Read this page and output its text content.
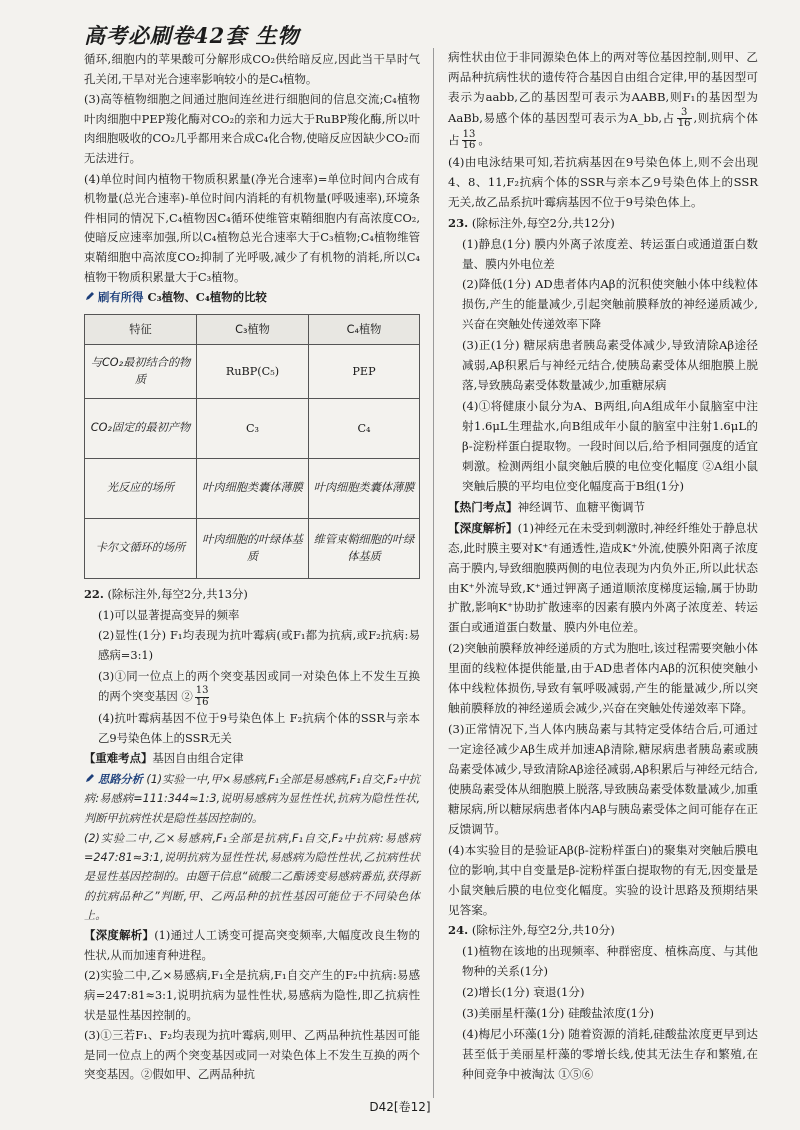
高考必刷卷42套 生物

循环,细胞内的苹果酸可分解形成CO₂供给暗反应,因此当干旱时气孔关闭,干旱对光合速率影响较小的是C₄植物。

(3)高等植物细胞之间通过胞间连丝进行细胞间的信息交流;C₄植物叶肉细胞中PEP羧化酶对CO₂的亲和力远大于RuBP羧化酶,所以叶肉细胞吸收的CO₂几乎都用来合成C₄化合物,使暗反应因缺少CO₂而无法进行。

(4)单位时间内植物干物质积累量(净光合速率)=单位时间内合成有机物量(总光合速率)-单位时间内消耗的有机物量(呼吸速率),环境条件相同的情况下,C₄植物因C₄循环使维管束鞘细胞内有高浓度CO₂,使暗反应速率加强,所以C₄植物总光合速率大于C₃植物;C₄植物维管束鞘细胞中高浓度CO₂抑制了光呼吸,减少了有机物的消耗,所以C₄植物干物质积累量大于C₃植物。

刷有所得 C₃植物、C₄植物的比较

特征	C₃植物	C₄植物
与CO₂最初结合的物质	RuBP(C₅)	PEP
CO₂固定的最初产物	C₃	C₄
光反应的场所	叶肉细胞类囊体薄膜	叶肉细胞类囊体薄膜
卡尔文循环的场所	叶肉细胞的叶绿体基质	维管束鞘细胞的叶绿体基质

22. (除标注外,每空2分,共13分)

(1)可以显著提高变异的频率

(2)显性(1分) F₁均表现为抗叶霉病(或F₁都为抗病,或F₂抗病:易感病=3:1)

(3)①同一位点上的两个突变基因或同一对染色体上不发生互换的两个突变基因 ② $\frac{13}{16}$

(4)抗叶霉病基因不位于9号染色体上 F₂抗病个体的SSR与亲本乙9号染色体上的SSR无关

【重难考点】基因自由组合定律

思路分析 (1)实验一中,甲×易感病,F₁全部是易感病,F₁自交,F₂中抗病:易感病=111:344≈1:3,说明易感病为显性性状,抗病为隐性性状,判断甲抗病性状是隐性基因控制的。

(2)实验二中,乙×易感病,F₁全部是抗病,F₁自交,F₂中抗病:易感病=247:81≈3:1,说明抗病为显性性状,易感病为隐性性状,乙抗病性状是显性基因控制的。由题干信息“硫酸二乙酯诱变易感病番茄,获得新的抗病品种乙”判断,甲、乙两品种的抗性基因可能位于不同染色体上。

【深度解析】(1)通过人工诱变可提高突变频率,大幅度改良生物的性状,从而加速育种进程。

(2)实验二中,乙×易感病,F₁全是抗病,F₁自交产生的F₂中抗病:易感病=247:81≈3:1,说明抗病为显性性状,易感病为隐性,即乙抗病性状是显性基因控制的。

(3)①三若F₁、F₂均表现为抗叶霉病,则甲、乙两品种抗性基因可能是同一位点上的两个突变基因或同一对染色体上不发生互换的两个突变基因。②假如甲、乙两品种抗

病性状由位于非同源染色体上的两对等位基因控制,则甲、乙两品种抗病性状的遗传符合基因自由组合定律,甲的基因型可表示为aabb,乙的基因型可表示为AABB,则F₁的基因型为AaBb,易感个体的基因型可表示为A_bb,占 $\frac{3}{16}$ ,则抗病个体占 $\frac{13}{16}$ 。

(4)由电泳结果可知,若抗病基因在9号染色体上,则不会出现4、8、11,F₂抗病个体的SSR与亲本乙9号染色体上的SSR无关,故乙品系抗叶霉病基因不位于9号染色体上。

23. (除标注外,每空2分,共12分)

(1)静息(1分) 膜内外离子浓度差、转运蛋白或通道蛋白数量、膜内外电位差

(2)降低(1分) AD患者体内Aβ的沉积使突触小体中线粒体损伤,产生的能量减少,引起突触前膜释放的神经递质减少,兴奋在突触处传递效率下降

(3)正(1分) 糖尿病患者胰岛素受体减少,导致清除Aβ途径减弱,Aβ积累后与神经元结合,使胰岛素受体从细胞膜上脱落,导致胰岛素受体数量减少,加重糖尿病

(4)①将健康小鼠分为A、B两组,向A组成年小鼠脑室中注射1.6μL生理盐水,向B组成年小鼠的脑室中注射1.6μL的β-淀粉样蛋白提取物。一段时间以后,给予相同强度的适宜刺激。检测两组小鼠突触后膜的电位变化幅度 ②A组小鼠突触后膜的平均电位变化幅度高于B组(1分)

【热门考点】神经调节、血糖平衡调节

【深度解析】(1)神经元在未受到刺激时,神经纤维处于静息状态,此时膜主要对K⁺有通透性,造成K⁺外流,使膜外阳离子浓度高于膜内,导致细胞膜两侧的电位表现为内负外正,所以此状态由K⁺外流导致,K⁺通过钾离子通道顺浓度梯度运输,属于协助扩散,影响K⁺协助扩散速率的因素有膜内外离子浓度差、转运蛋白或通道蛋白数量、膜内外电位差。

(2)突触前膜释放神经递质的方式为胞吐,该过程需要突触小体里面的线粒体提供能量,由于AD患者体内Aβ的沉积使突触小体中线粒体损伤,导致有氧呼吸减弱,产生的能量减少,所以突触前膜释放的神经递质会减少,兴奋在突触处传递效率下降。

(3)正常情况下,当人体内胰岛素与其特定受体结合后,可通过一定途径减少Aβ生成并加速Aβ清除,糖尿病患者胰岛素或胰岛素受体减少,导致清除Aβ途径减弱,Aβ积累后与神经元结合,使胰岛素受体从细胞膜上脱落,导致胰岛素受体数量减少,加重糖尿病,所以糖尿病患者体内Aβ与胰岛素受体之间可能存在正反馈调节。

(4)本实验目的是验证Aβ(β-淀粉样蛋白)的聚集对突触后膜电位的影响,其中自变量是β-淀粉样蛋白提取物的有无,因变量是小鼠突触后膜的电位变化幅度。实验的设计思路及预期结果见答案。

24. (除标注外,每空2分,共10分)

(1)植物在该地的出现频率、种群密度、植株高度、与其他物种的关系(1分)

(2)增长(1分) 衰退(1分)

(3)美丽星杆藻(1分) 硅酸盐浓度(1分)

(4)梅尼小环藻(1分) 随着资源的消耗,硅酸盐浓度更早到达甚至低于美丽星杆藻的零增长线,使其无法生存和繁殖,在种间竞争中被淘汰 ①⑤⑥

D42[卷12]
